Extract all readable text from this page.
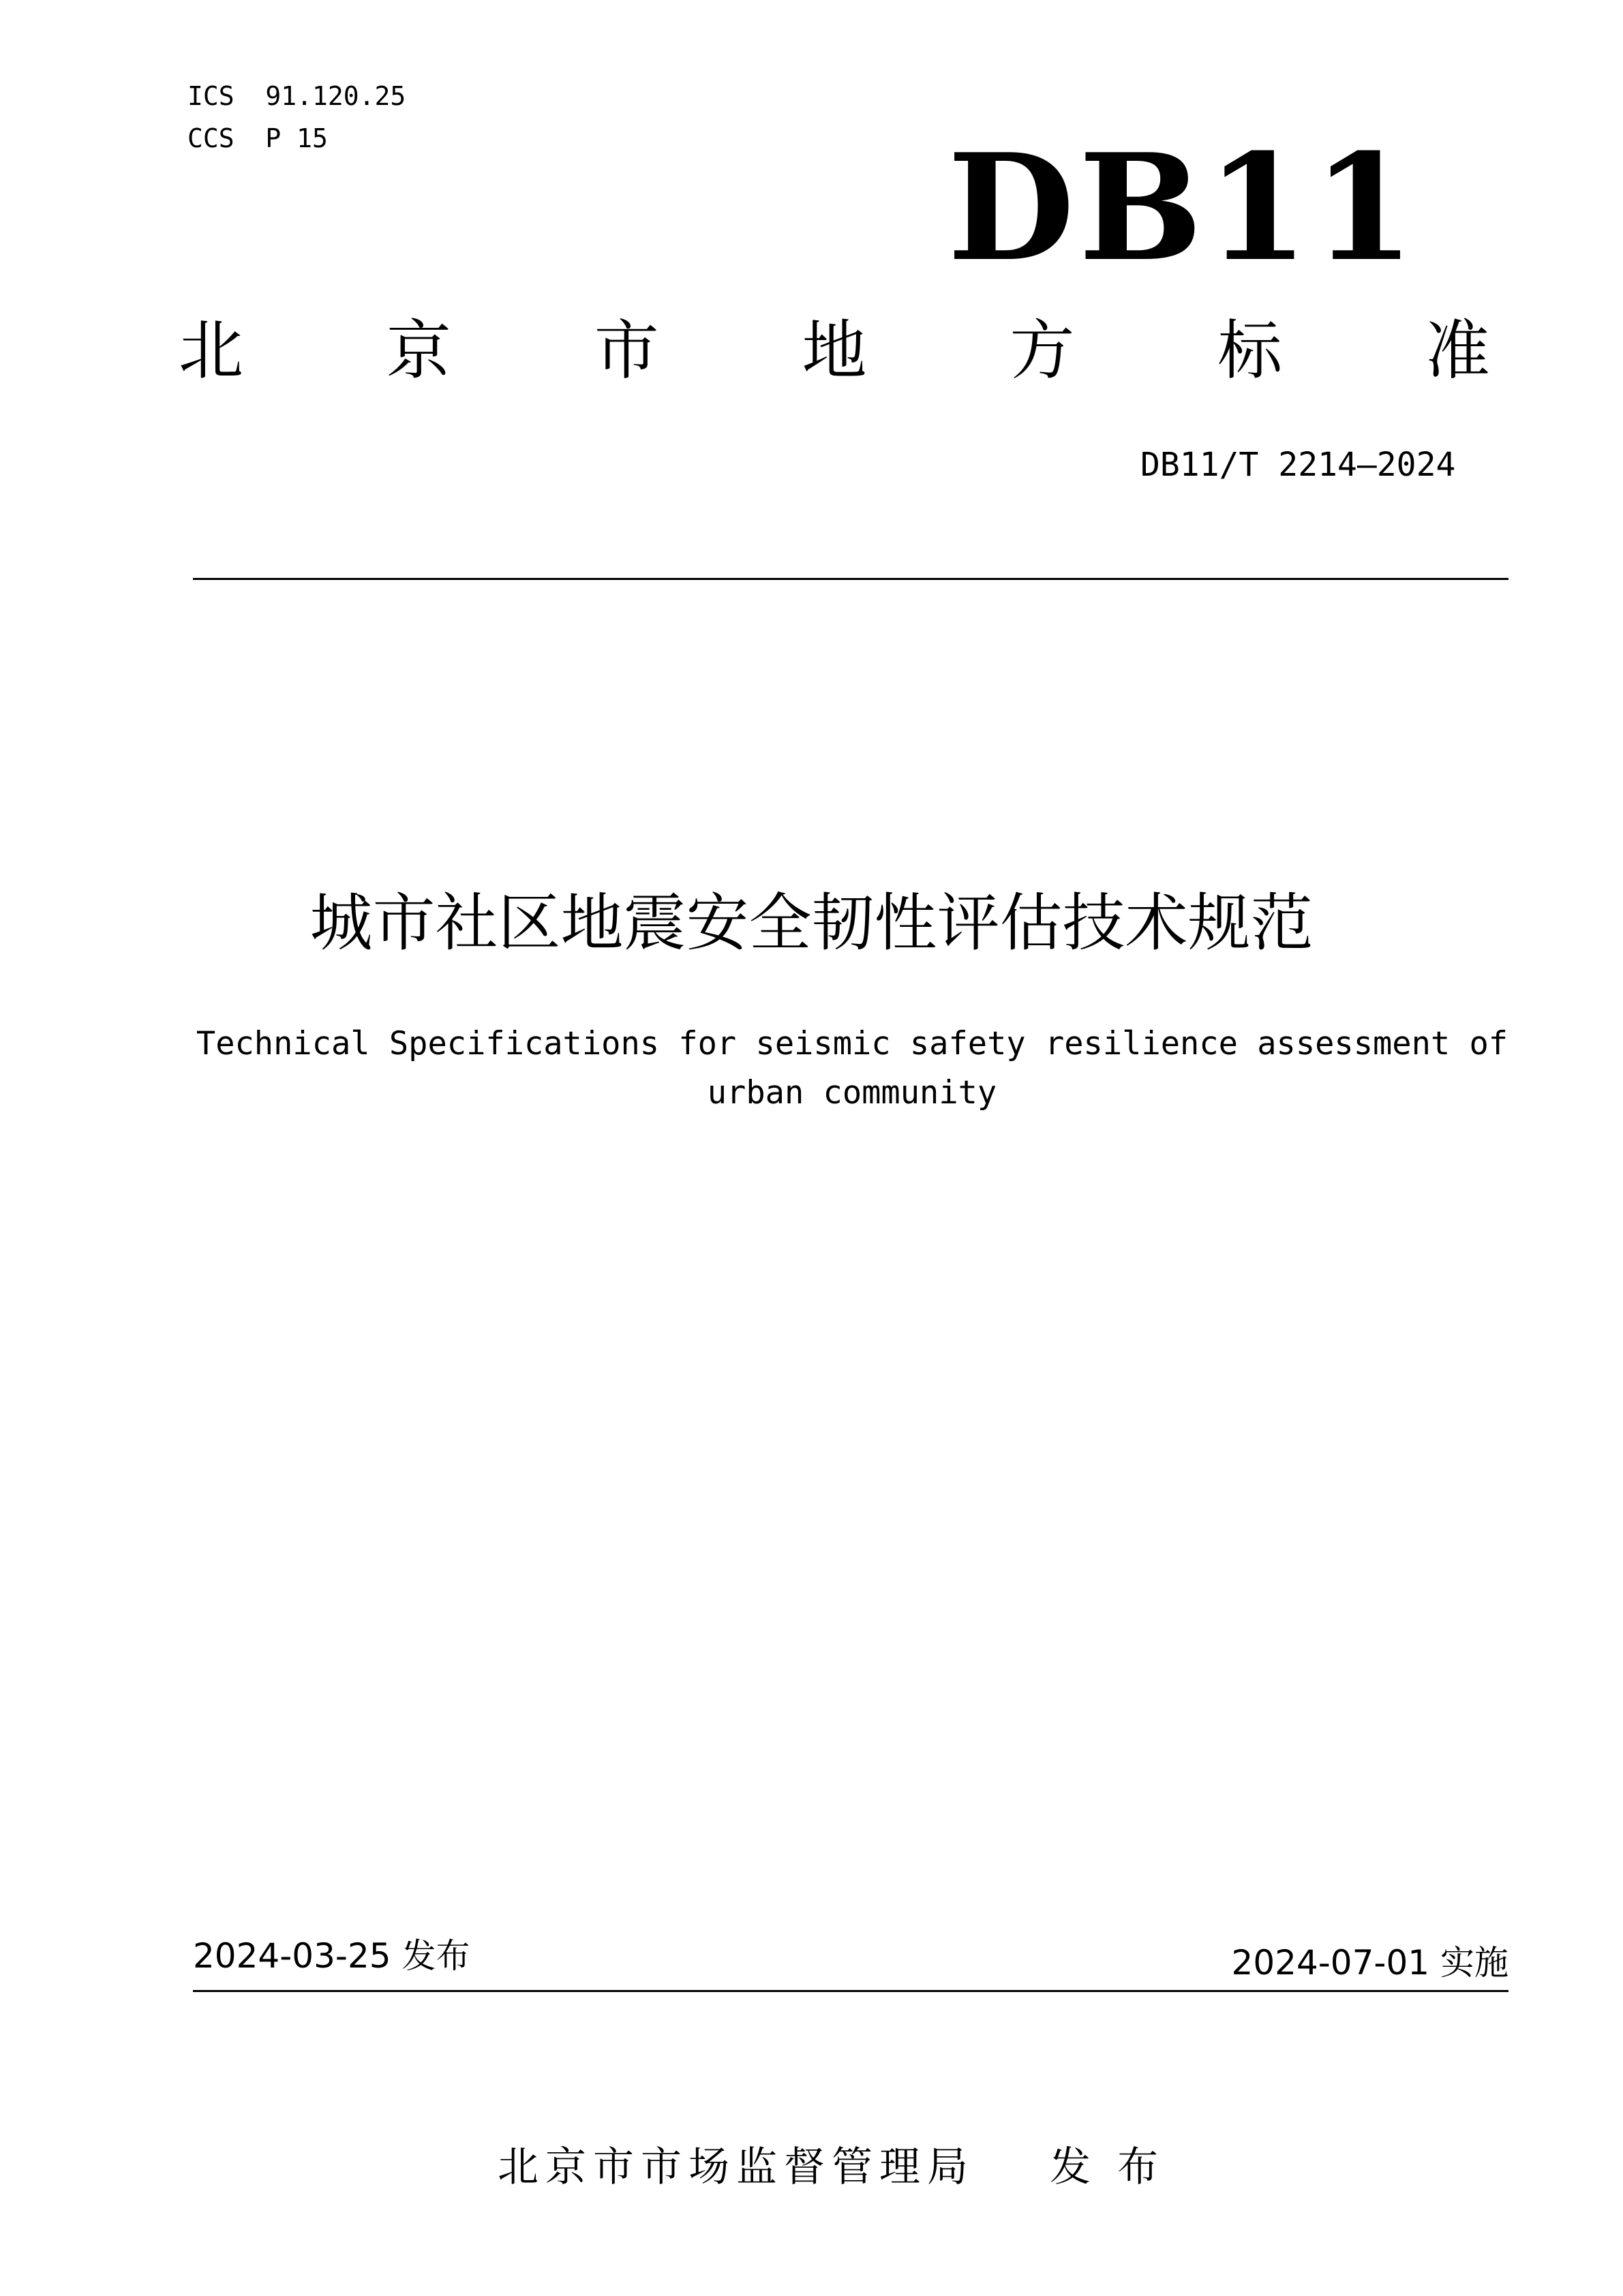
ICS  91.120.25
CCS  P 15	DB11
北 京 市 地 方 标 准
DB11/T 2214—2024
城市社区地震安全韧性评估技术规范
Technical Specifications for seismic safety resilience assessment of
urban community
2024-03-25 发布	2024-07-01 实施

北京市市场监督管理局 发 布
